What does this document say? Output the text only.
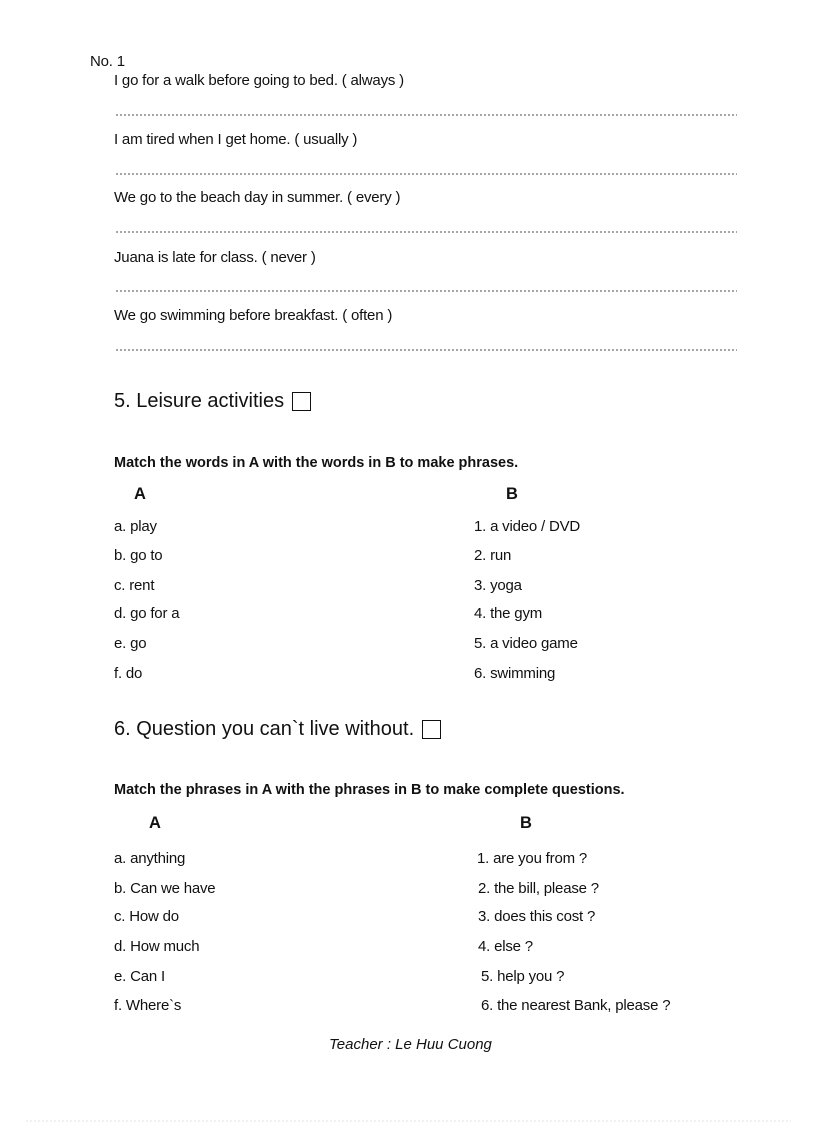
No. 1
I go for a walk before going to bed. ( always )
I am tired when I get home. ( usually )
We go to the beach day in summer. ( every )
Juana is late for class. ( never )
We go swimming before breakfast. ( often )
5. Leisure activities
Match the words in A with the words in B to make phrases.
A	B
a. play
b. go to
c. rent
d. go for a
e. go
f. do
1. a video / DVD
2. run
3. yoga
4. the gym
5. a video game
6. swimming
6. Question you can`t live without.
Match the phrases in A with the phrases in B to make complete questions.
A	B
a. anything
b. Can we have
c. How do
d. How much
e. Can I
f. Where`s
1. are you from ?
2. the bill, please ?
3. does this cost ?
4. else ?
5. help you ?
6. the nearest Bank, please ?
Teacher : Le Huu Cuong
